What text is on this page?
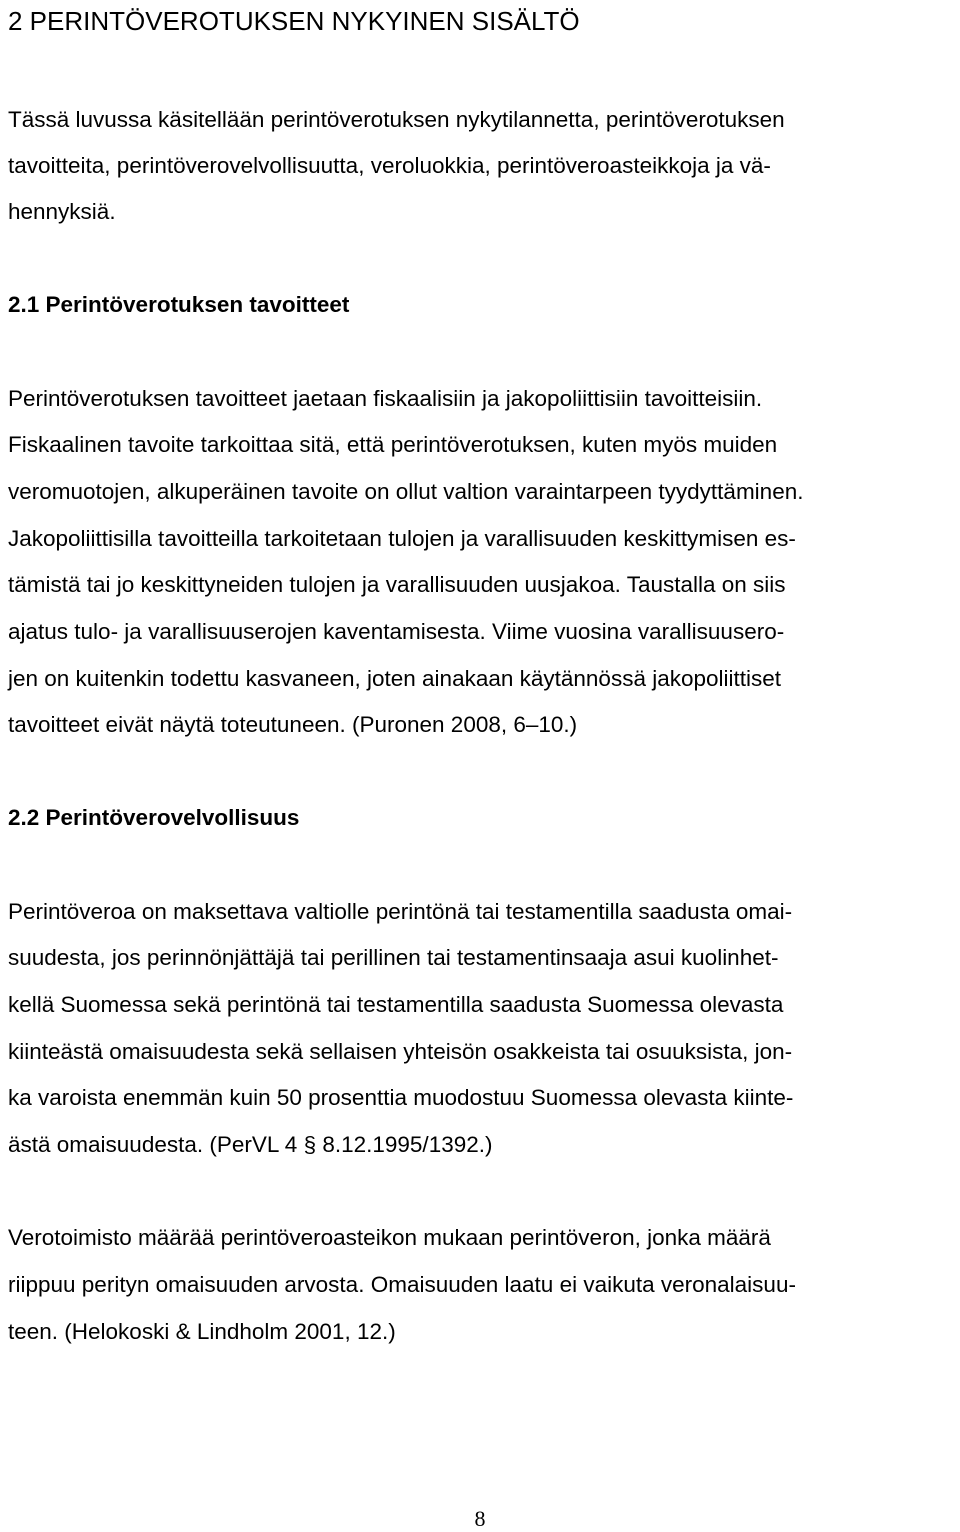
2 PERINTÖVEROTUKSEN NYKYINEN SISÄLTÖ

Tässä luvussa käsitellään perintöverotuksen nykytilannetta, perintöverotuksen

tavoitteita, perintöverovelvollisuutta, veroluokkia, perintöveroasteikkoja ja vä-

hennyksiä.

2.1 Perintöverotuksen tavoitteet

Perintöverotuksen tavoitteet jaetaan fiskaalisiin ja jakopoliittisiin tavoitteisiin.

Fiskaalinen tavoite tarkoittaa sitä, että perintöverotuksen, kuten myös muiden

veromuotojen, alkuperäinen tavoite on ollut valtion varaintarpeen tyydyttäminen.

Jakopoliittisilla tavoitteilla tarkoitetaan tulojen ja varallisuuden keskittymisen es-

tämistä tai jo keskittyneiden tulojen ja varallisuuden uusjakoa. Taustalla on siis

ajatus tulo- ja varallisuuserojen kaventamisesta. Viime vuosina varallisuusero-

jen on kuitenkin todettu kasvaneen, joten ainakaan käytännössä jakopoliittiset

tavoitteet eivät näytä toteutuneen. (Puronen 2008, 6–10.)

2.2 Perintöverovelvollisuus

Perintöveroa on maksettava valtiolle perintönä tai testamentilla saadusta omai-

suudesta, jos perinnönjättäjä tai perillinen tai testamentinsaaja asui kuolinhet-

kellä Suomessa sekä perintönä tai testamentilla saadusta Suomessa olevasta

kiinteästä omaisuudesta sekä sellaisen yhteisön osakkeista tai osuuksista, jon-

ka varoista enemmän kuin 50 prosenttia muodostuu Suomessa olevasta kiinte-

ästä omaisuudesta. (PerVL 4 § 8.12.1995/1392.)

Verotoimisto määrää perintöveroasteikon mukaan perintöveron, jonka määrä

riippuu perityn omaisuuden arvosta. Omaisuuden laatu ei vaikuta veronalaisuu-

teen. (Helokoski & Lindholm 2001, 12.)

8
